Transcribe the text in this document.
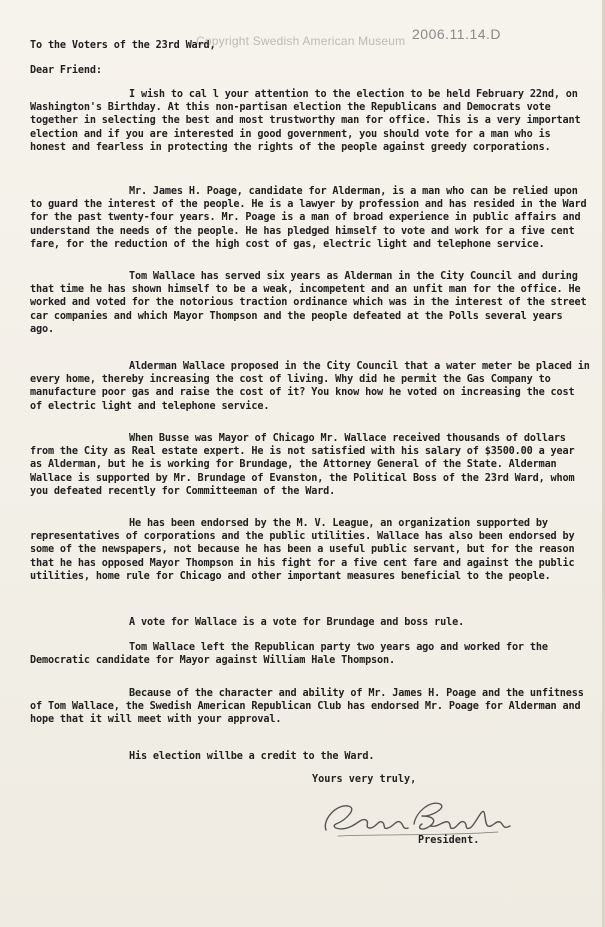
Copyright Swedish American Museum 2006.11.14.D
To the Voters of the 23rd Ward,
Dear Friend:

I wish to cal l your attention to the election to be held February 22nd, on Washington's Birthday. At this non-partisan election the Republicans and Democrats vote together in selecting the best and most trustworthy man for office. This is a very important election and if you are interested in good government, you should vote for a man who is honest and fearless in protecting the rights of the people against greedy corporations.

Mr. James H. Poage, candidate for Alderman, is a man who can be relied upon to guard the interest of the people. He is a lawyer by profession and has resided in the Ward for the past twenty-four years. Mr. Poage is a man of broad experience in public affairs and understand the needs of the people. He has pledged himself to vote and work for a five cent fare, for the reduction of the high cost of gas, electric light and telephone service.

Tom Wallace has served six years as Alderman in the City Council and during that time he has shown himself to be a weak, incompetent and an unfit man for the office. He worked and voted for the notorious traction ordinance which was in the interest of the street car companies and which Mayor Thompson and the people defeated at the Polls several years ago.

Alderman Wallace proposed in the City Council that a water meter be placed in every home, thereby increasing the cost of living. Why did he permit the Gas Company to manufacture poor gas and raise the cost of it? You know how he voted on increasing the cost of electric light and telephone service.

When Busse was Mayor of Chicago Mr. Wallace received thousands of dollars from the City as Real estate expert. He is not satisfied with his salary of $3500.00 a year as Alderman, but he is working for Brundage, the Attorney General of the State. Alderman Wallace is supported by Mr. Brundage of Evanston, the Political Boss of the 23rd Ward, whom you defeated recently for Committeeman of the Ward.

He has been endorsed by the M. V. League, an organization supported by representatives of corporations and the public utilities. Wallace has also been endorsed by some of the newspapers, not because he has been a useful public servant, but for the reason that he has opposed Mayor Thompson in his fight for a five cent fare and against the public utilities, home rule for Chicago and other important measures beneficial to the people.

A vote for Wallace is a vote for Brundage and boss rule.

Tom Wallace left the Republican party two years ago and worked for the Democratic candidate for Mayor against William Hale Thompson.

Because of the character and ability of Mr. James H. Poage and the unfitness of Tom Wallace, the Swedish American Republican Club has endorsed Mr. Poage for Alderman and hope that it will meet with your approval.

His election willbe a credit to the Ward.

Yours very truly,
President.
